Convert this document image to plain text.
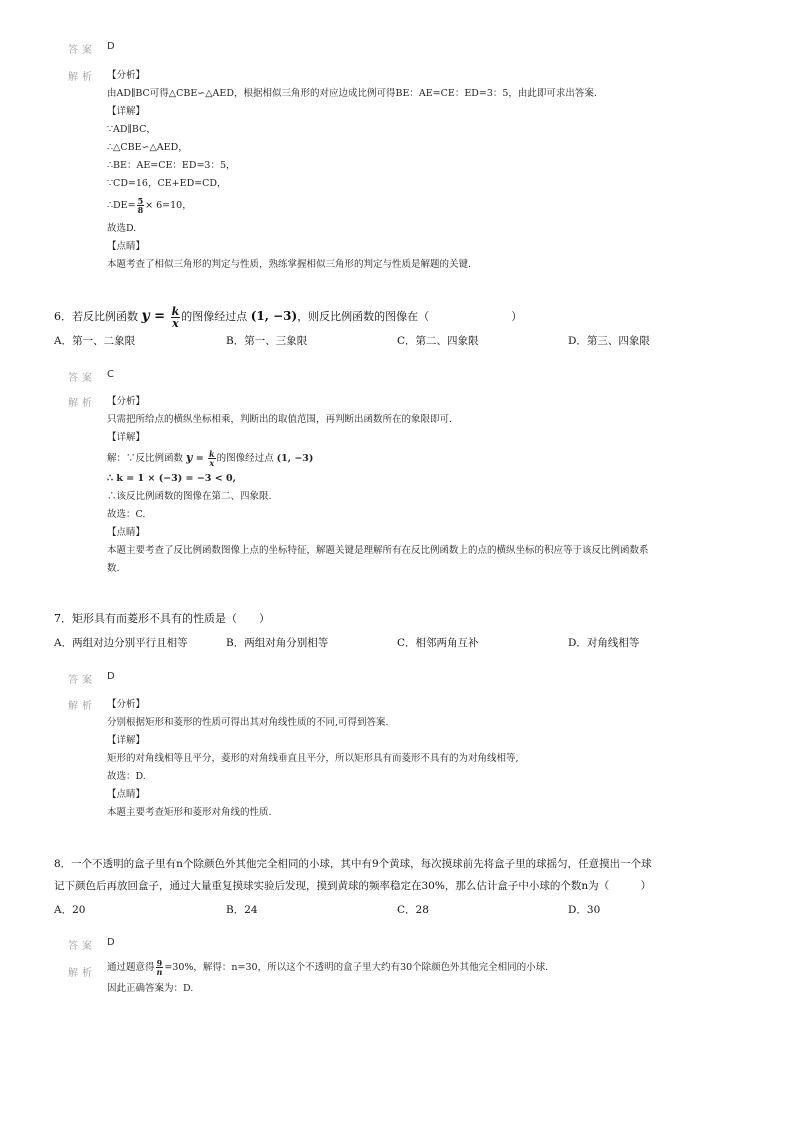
答案 D
解析 【分析】
由AD∥BC可得△CBE∽△AED，根据相似三角形的对应边成比例可得BE：AE=CE：ED=3：5，由此即可求出答案.
【详解】
∵AD∥BC，
∴△CBE∽△AED，
∴BE：AE=CE：ED=3：5，
∵CD=16，CE+ED=CD，
∴DE= $\frac{5}{8} \times 6=10$，
故选D.
【点睛】
本题考查了相似三角形的判定与性质，熟练掌握相似三角形的判定与性质是解题的关键.
6．若反比例函数 $y = \frac{k}{x}$ 的图像经过点 (1, −3)，则反比例函数的图像在（	）
A．第一、二象限	B．第一、三象限	C．第二、四象限	D．第三、四象限
答案 C
解析 【分析】
只需把所给点的横纵坐标相乘，判断出的取值范围，再判断出函数所在的象限即可．
【详解】
解：∵反比例函数 $y = \frac{k}{x}$ 的图像经过点 (1, −3)
∴ k = 1 × (−3) = −3 < 0,
∴该反比例函数的图像在第二、四象限.
故选：C.
【点睛】
本题主要考查了反比例函数图像上点的坐标特征，解题关键是理解所有在反比例函数上的点的横纵坐标的积应等于该反比例函数系
数.
7．矩形具有而菱形不具有的性质是（　　）
A．两组对边分别平行且相等	B．两组对角分别相等	C．相邻两角互补	D．对角线相等
答案 D
解析 【分析】
分别根据矩形和菱形的性质可得出其对角线性质的不同,可得到答案.
【详解】
矩形的对角线相等且平分，菱形的对角线垂直且平分，所以矩形具有而菱形不具有的为对角线相等,
故选：D.
【点睛】
本题主要考查矩形和菱形对角线的性质.
8．一个不透明的盒子里有n个除颜色外其他完全相同的小球，其中有9个黄球，每次摸球前先将盒子里的球摇匀，任意摸出一个球
记下颜色后再放回盒子，通过大量重复摸球实验后发现，摸到黄球的频率稳定在30%，那么估计盒子中小球的个数n为（　　　）
A．20	B．24	C．28	D．30
答案 D
解析
通过题意得 $\frac{9}{n} =30\%$，解得：n=30，所以这个不透明的盒子里大约有30个除颜色外其他完全相同的小球.
因此正确答案为：D.
